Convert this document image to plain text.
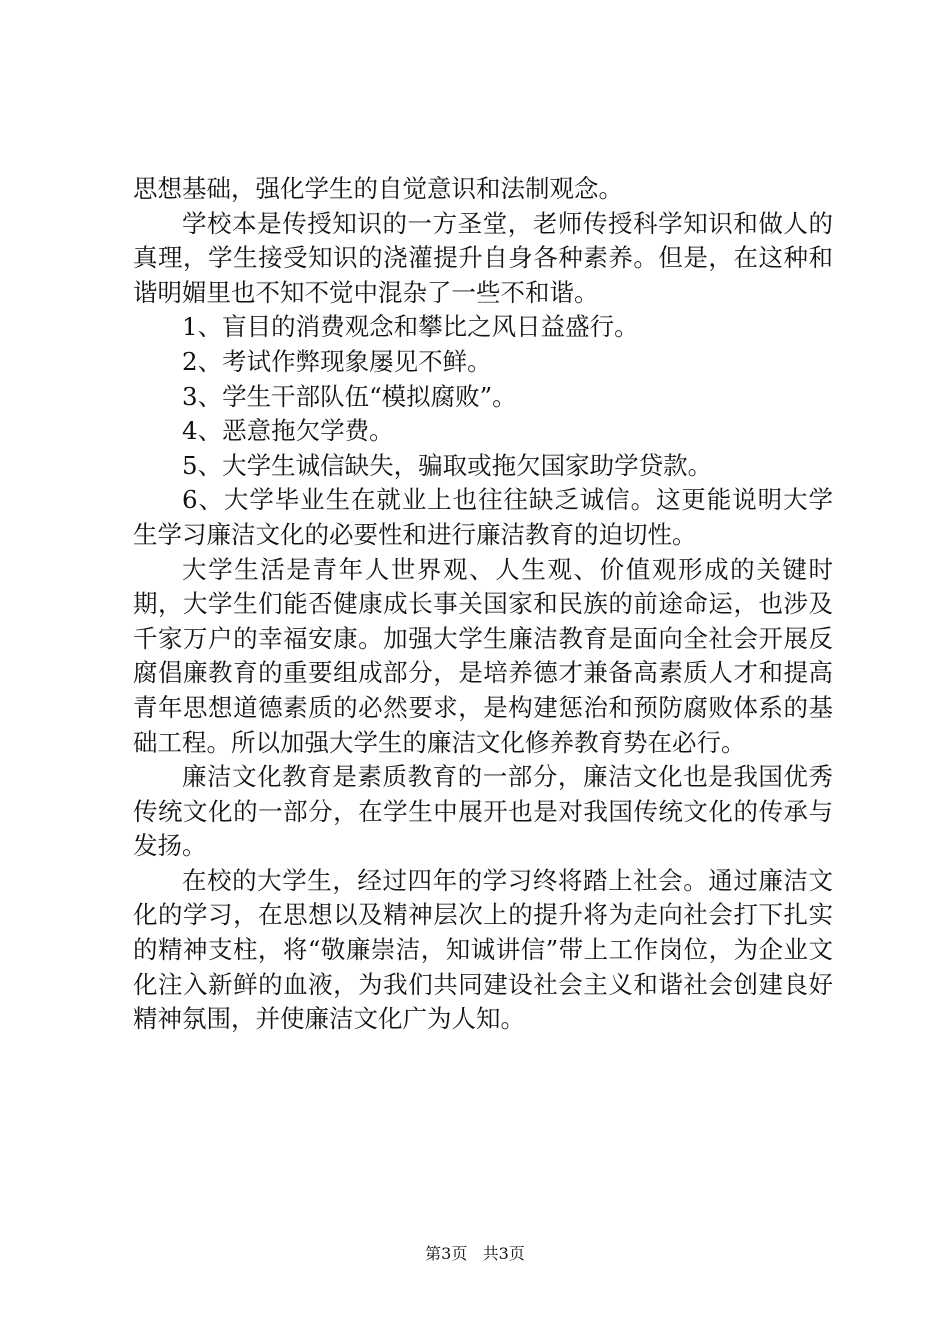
思想基础，强化学生的自觉意识和法制观念。

学校本是传授知识的一方圣堂，老师传授科学知识和做人的真理，学生接受知识的浇灌提升自身各种素养。但是，在这种和谐明媚里也不知不觉中混杂了一些不和谐。

1、盲目的消费观念和攀比之风日益盛行。

2、考试作弊现象屡见不鲜。

3、学生干部队伍“模拟腐败”。

4、恶意拖欠学费。

5、大学生诚信缺失，骗取或拖欠国家助学贷款。

6、大学毕业生在就业上也往往缺乏诚信。这更能说明大学生学习廉洁文化的必要性和进行廉洁教育的迫切性。

大学生活是青年人世界观、人生观、价值观形成的关键时期，大学生们能否健康成长事关国家和民族的前途命运，也涉及千家万户的幸福安康。加强大学生廉洁教育是面向全社会开展反腐倡廉教育的重要组成部分，是培养德才兼备高素质人才和提高青年思想道德素质的必然要求，是构建惩治和预防腐败体系的基础工程。所以加强大学生的廉洁文化修养教育势在必行。

廉洁文化教育是素质教育的一部分，廉洁文化也是我国优秀传统文化的一部分，在学生中展开也是对我国传统文化的传承与发扬。

在校的大学生，经过四年的学习终将踏上社会。通过廉洁文化的学习，在思想以及精神层次上的提升将为走向社会打下扎实的精神支柱，将“敬廉崇洁，知诚讲信”带上工作岗位，为企业文化注入新鲜的血液，为我们共同建设社会主义和谐社会创建良好精神氛围，并使廉洁文化广为人知。

第3页 共3页
